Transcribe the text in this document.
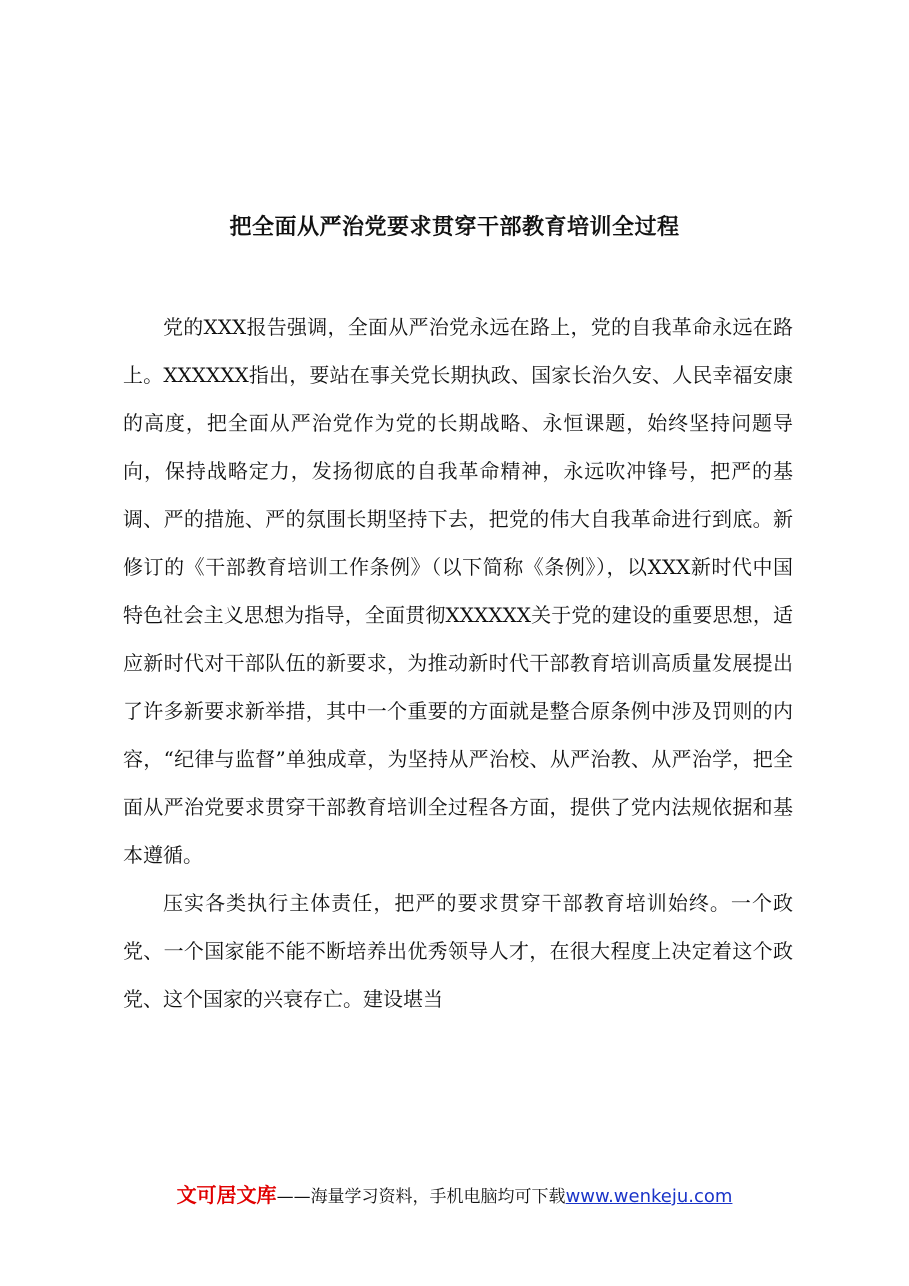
把全面从严治党要求贯穿干部教育培训全过程

党的XXX报告强调，全面从严治党永远在路上，党的自我革命永远在路上。XXXXXX指出，要站在事关党长期执政、国家长治久安、人民幸福安康的高度，把全面从严治党作为党的长期战略、永恒课题，始终坚持问题导向，保持战略定力，发扬彻底的自我革命精神，永远吹冲锋号，把严的基调、严的措施、严的氛围长期坚持下去，把党的伟大自我革命进行到底。新修订的《干部教育培训工作条例》（以下简称《条例》），以XXX新时代中国特色社会主义思想为指导，全面贯彻XXXXXX关于党的建设的重要思想，适应新时代对干部队伍的新要求，为推动新时代干部教育培训高质量发展提出了许多新要求新举措，其中一个重要的方面就是整合原条例中涉及罚则的内容，“纪律与监督”单独成章，为坚持从严治校、从严治教、从严治学，把全面从严治党要求贯穿干部教育培训全过程各方面，提供了党内法规依据和基本遵循。

压实各类执行主体责任，把严的要求贯穿干部教育培训始终。一个政党、一个国家能不能不断培养出优秀领导人才，在很大程度上决定着这个政党、这个国家的兴衰存亡。建设堪当

文可居文库——海量学习资料，手机电脑均可下载www.wenkeju.com
